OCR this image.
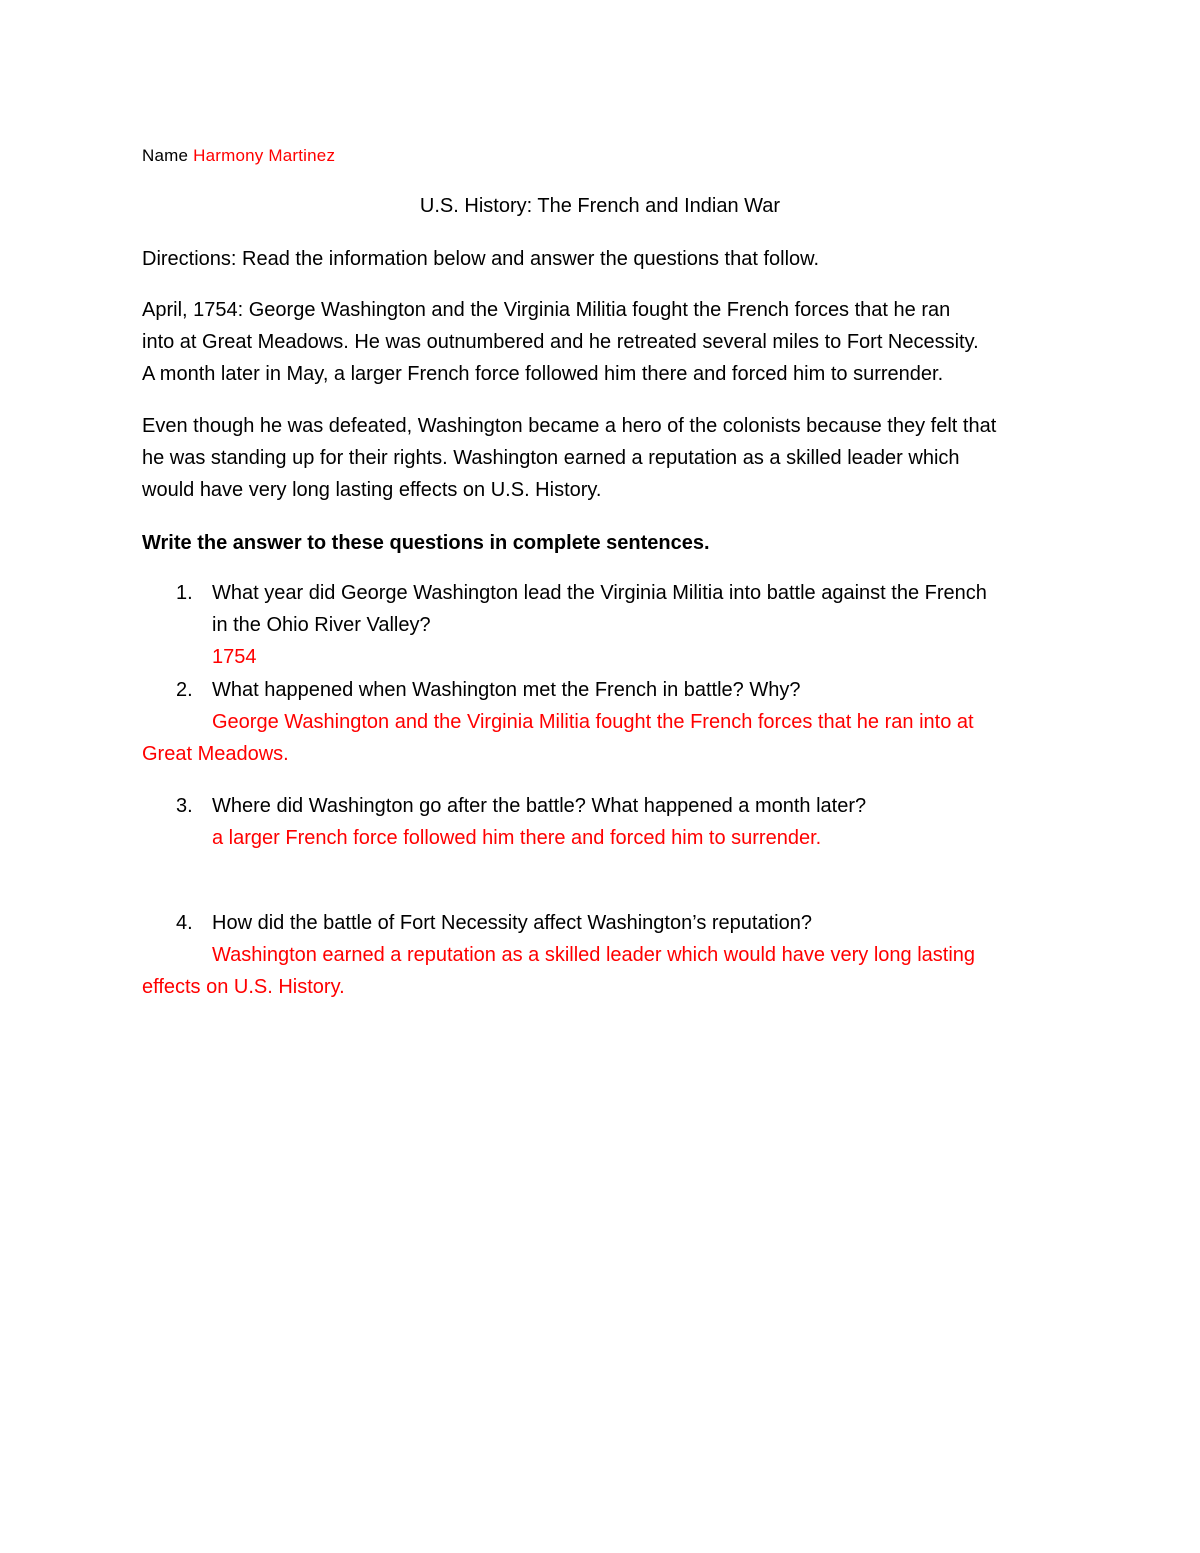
Name Harmony Martinez
U.S. History: The French and Indian War
Directions: Read the information below and answer the questions that follow.
April, 1754: George Washington and the Virginia Militia fought the French forces that he ran
into at Great Meadows. He was outnumbered and he retreated several miles to Fort Necessity.
A month later in May, a larger French force followed him there and forced him to surrender.
Even though he was defeated, Washington became a hero of the colonists because they felt that
he was standing up for their rights. Washington earned a reputation as a skilled leader which
would have very long lasting effects on U.S. History.
Write the answer to these questions in complete sentences.
1. What year did George Washington lead the Virginia Militia into battle against the French
in the Ohio River Valley?
1754
2. What happened when Washington met the French in battle? Why?
George Washington and the Virginia Militia fought the French forces that he ran into at
Great Meadows.
3. Where did Washington go after the battle? What happened a month later?
a larger French force followed him there and forced him to surrender.
4. How did the battle of Fort Necessity affect Washington’s reputation?
Washington earned a reputation as a skilled leader which would have very long lasting
effects on U.S. History.
